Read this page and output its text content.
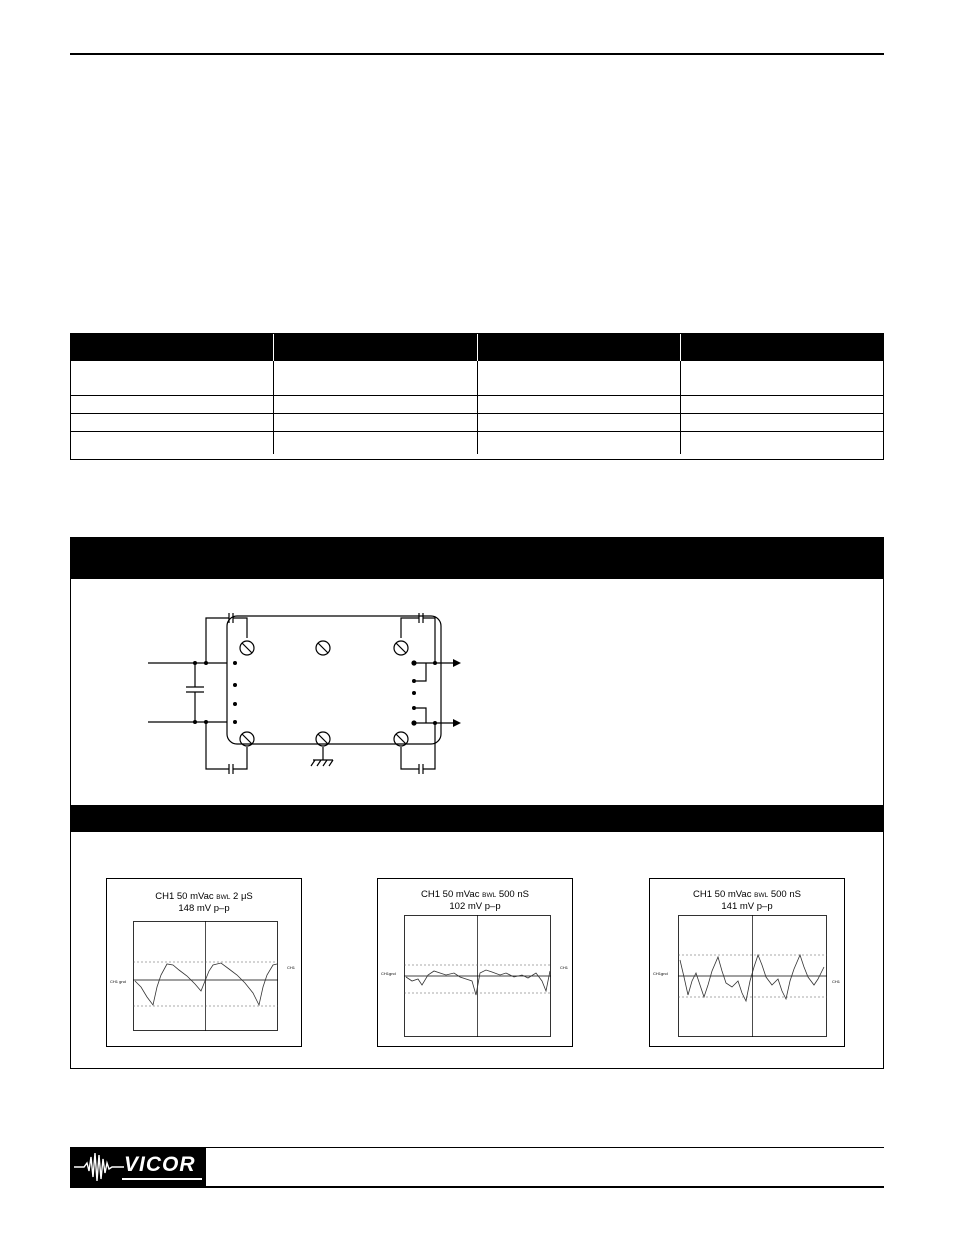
CH1 50 mVac BWL 2 μS
148 mV p–p
CH1 gnd
CH1
CH1 50 mVac BWL 500 nS
102 mV p–p
CH1gnd
CH1
CH1 50 mVac BWL 500 nS
141 mV p–p
CH1gnd
CH1
VICOR
